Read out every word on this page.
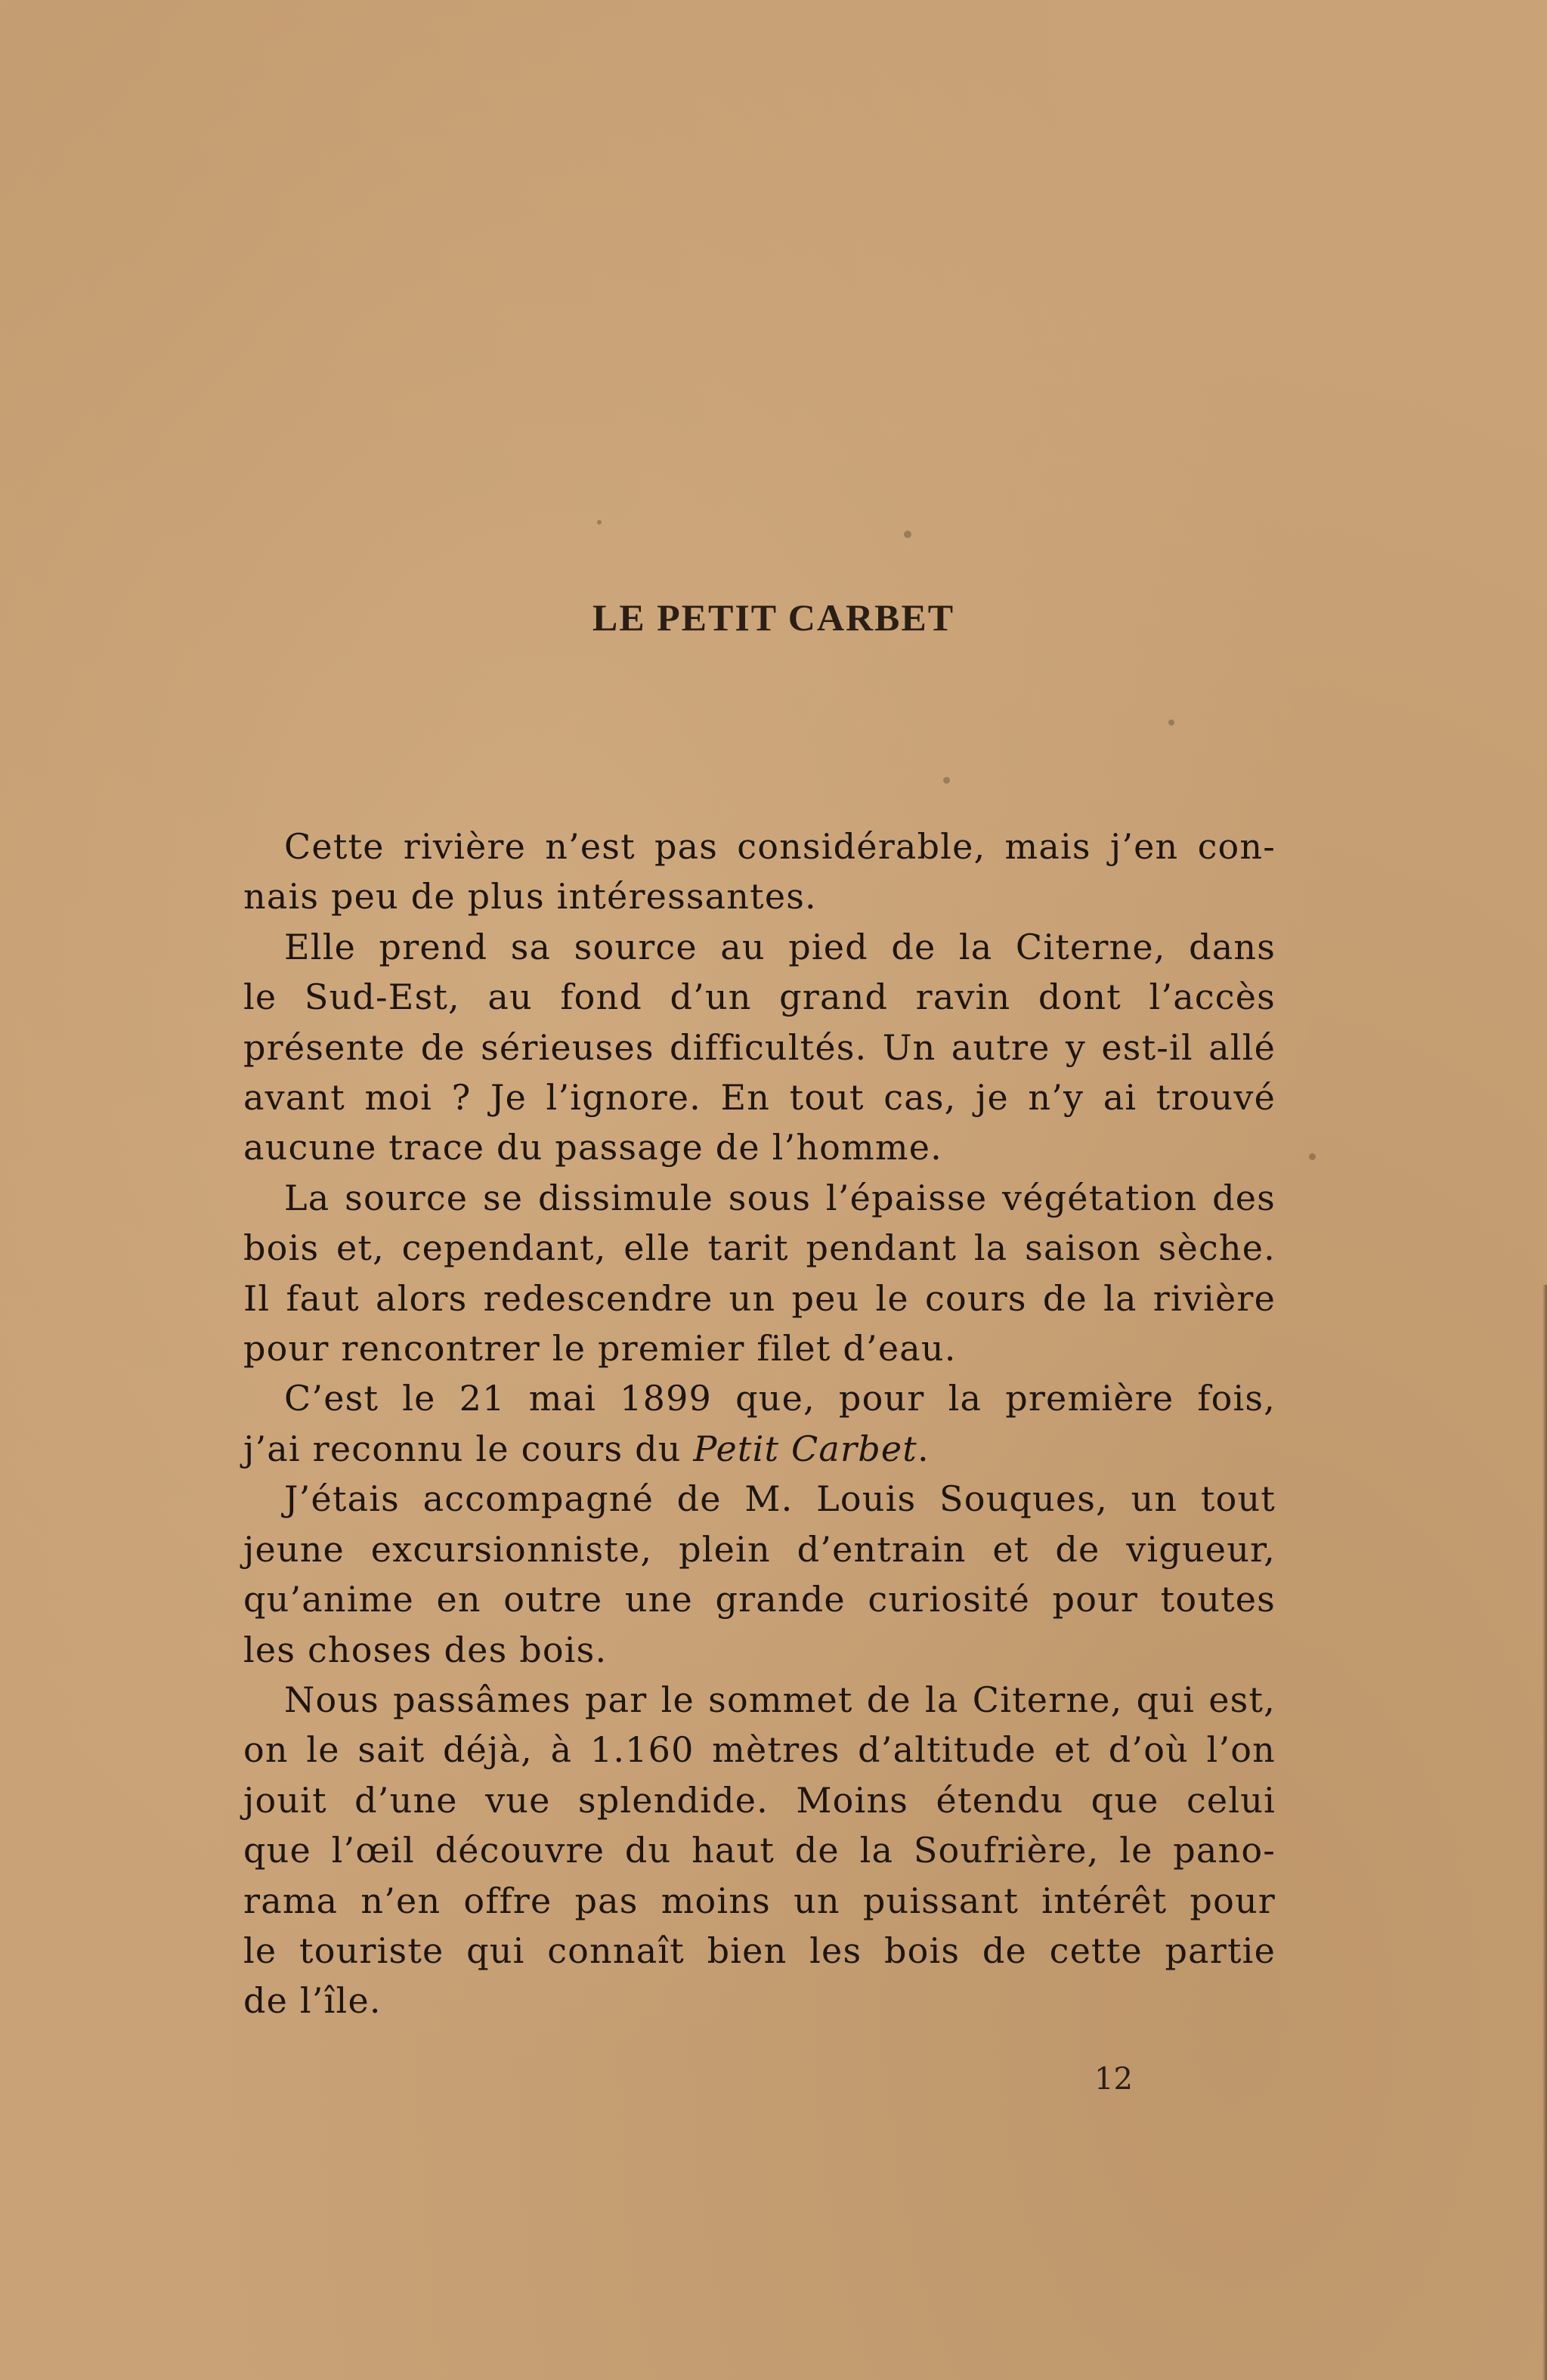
LE PETIT CARBET

Cette rivière n’est pas considérable, mais j’en con-
nais peu de plus intéressantes.

Elle prend sa source au pied de la Citerne, dans
le Sud-Est, au fond d’un grand ravin dont l’accès
présente de sérieuses difficultés. Un autre y est-il allé
avant moi ? Je l’ignore. En tout cas, je n’y ai trouvé
aucune trace du passage de l’homme.

La source se dissimule sous l’épaisse végétation des
bois et, cependant, elle tarit pendant la saison sèche.
Il faut alors redescendre un peu le cours de la rivière
pour rencontrer le premier filet d’eau.

C’est le 21 mai 1899 que, pour la première fois,
j’ai reconnu le cours du Petit Carbet.

J’étais accompagné de M. Louis Souques, un tout
jeune excursionniste, plein d’entrain et de vigueur,
qu’anime en outre une grande curiosité pour toutes
les choses des bois.

Nous passâmes par le sommet de la Citerne, qui est,
on le sait déjà, à 1.160 mètres d’altitude et d’où l’on
jouit d’une vue splendide. Moins étendu que celui
que l’œil découvre du haut de la Soufrière, le pano-
rama n’en offre pas moins un puissant intérêt pour
le touriste qui connaît bien les bois de cette partie
de l’île.

12
